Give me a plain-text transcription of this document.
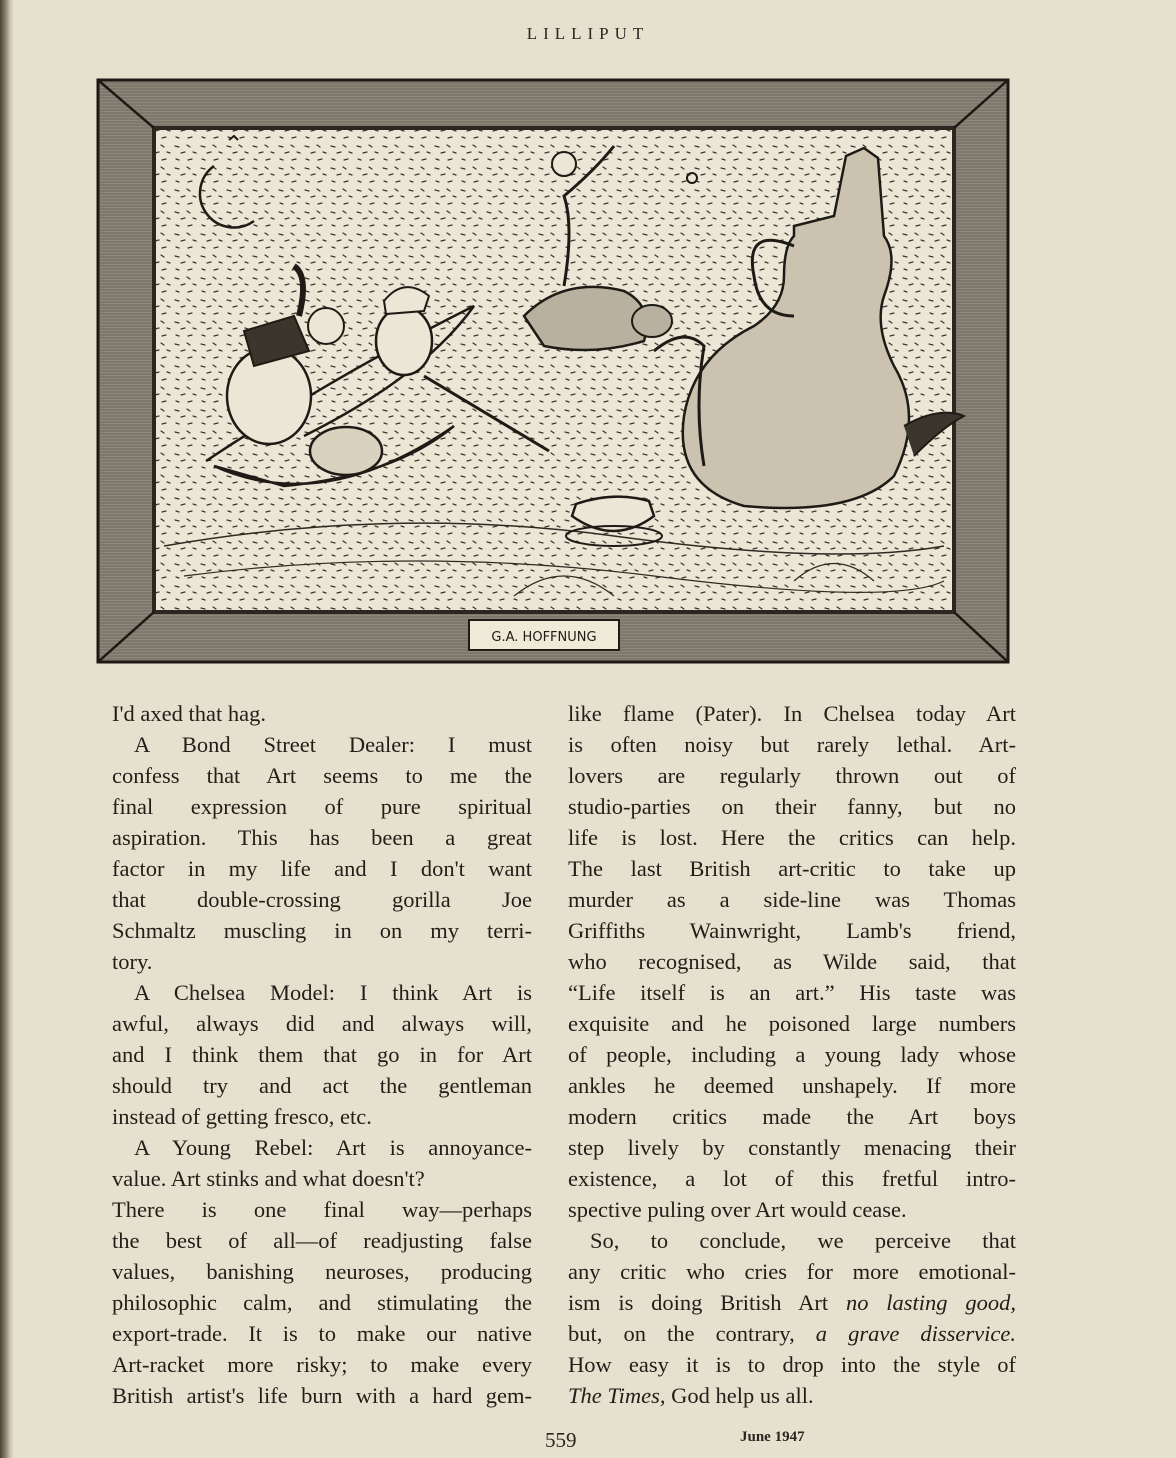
LILLIPUT
G.A. HOFFNUNG
I'd axed that hag.
A Bond Street Dealer: I must
confess that Art seems to me the
final expression of pure spiritual
aspiration. This has been a great
factor in my life and I don't want
that double-crossing gorilla Joe
Schmaltz muscling in on my terri-
tory.
A Chelsea Model: I think Art is
awful, always did and always will,
and I think them that go in for Art
should try and act the gentleman
instead of getting fresco, etc.
A Young Rebel: Art is annoyance-
value. Art stinks and what doesn't?
There is one final way—perhaps
the best of all—of readjusting false
values, banishing neuroses, producing
philosophic calm, and stimulating the
export-trade. It is to make our native
Art-racket more risky; to make every
British artist's life burn with a hard gem-
like flame (Pater). In Chelsea today Art
is often noisy but rarely lethal. Art-
lovers are regularly thrown out of
studio-parties on their fanny, but no
life is lost. Here the critics can help.
The last British art-critic to take up
murder as a side-line was Thomas
Griffiths Wainwright, Lamb's friend,
who recognised, as Wilde said, that
“Life itself is an art.” His taste was
exquisite and he poisoned large numbers
of people, including a young lady whose
ankles he deemed unshapely. If more
modern critics made the Art boys
step lively by constantly menacing their
existence, a lot of this fretful intro-
spective puling over Art would cease.
So, to conclude, we perceive that
any critic who cries for more emotional-
ism is doing British Art no lasting good,
but, on the contrary, a grave disservice.
How easy it is to drop into the style of
The Times, God help us all.
559	June 1947
